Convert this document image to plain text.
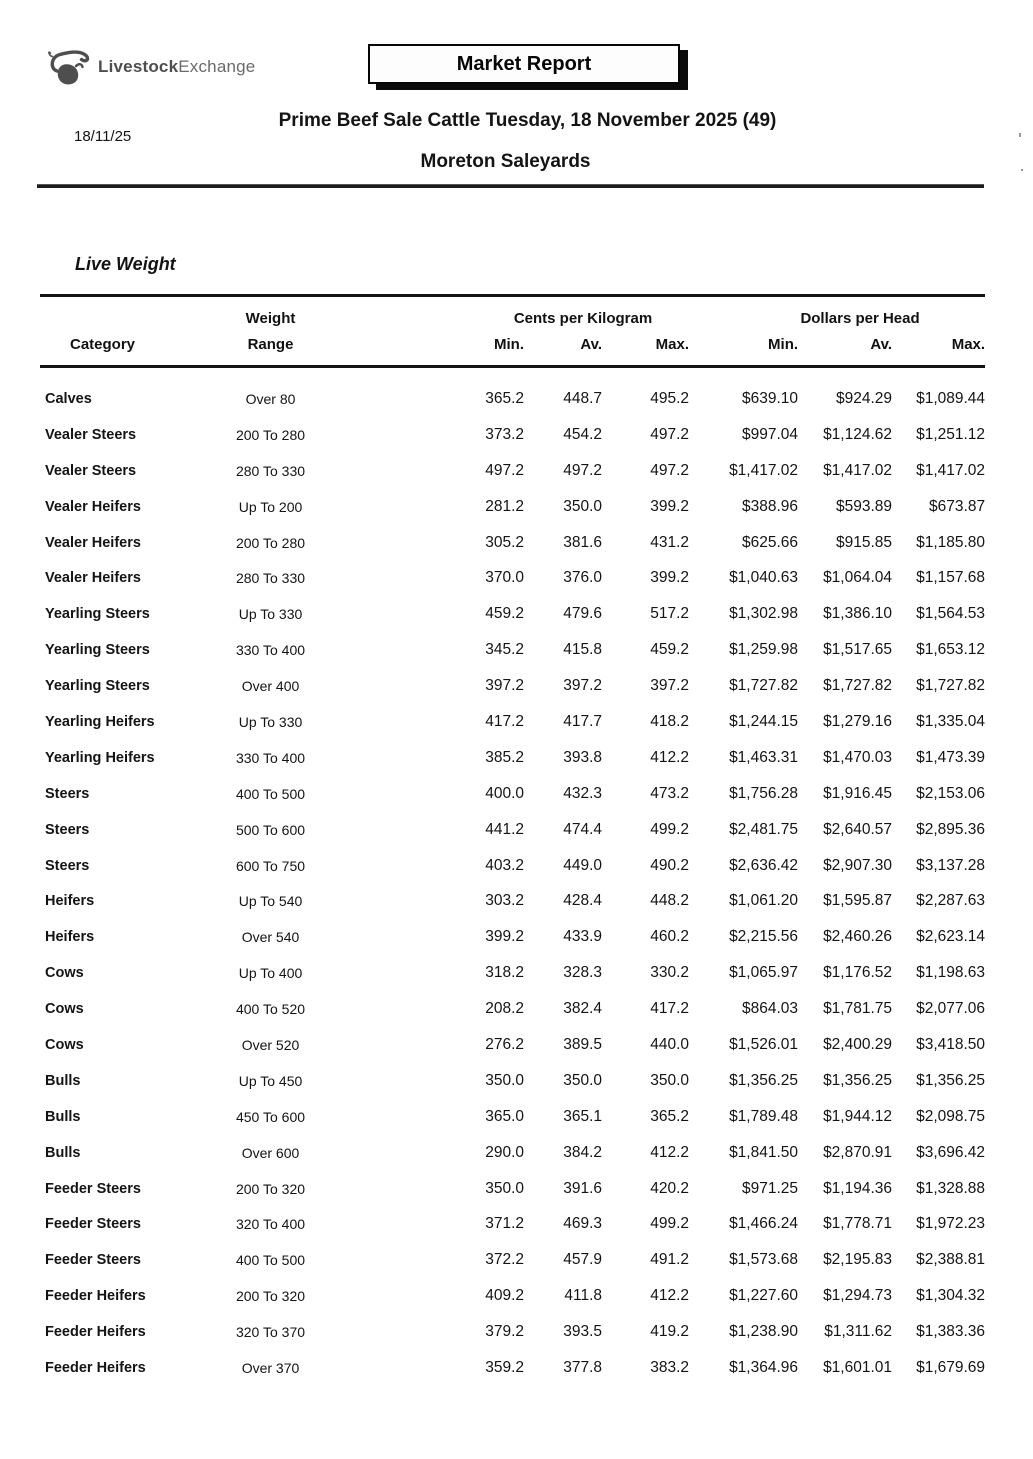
LivestockExchange	Market Report
18/11/25
Prime Beef Sale Cattle Tuesday, 18 November 2025 (49)
Moreton Saleyards
Live Weight
	Weight	Cents per Kilogram			Dollars per Head		
Category	Range	Min.	Av.	Max.	Min.	Av.	Max.
Calves	Over 80	365.2	448.7	495.2	$639.10	$924.29	$1,089.44
Vealer Steers	200 To 280	373.2	454.2	497.2	$997.04	$1,124.62	$1,251.12
Vealer Steers	280 To 330	497.2	497.2	497.2	$1,417.02	$1,417.02	$1,417.02
Vealer Heifers	Up To 200	281.2	350.0	399.2	$388.96	$593.89	$673.87
Vealer Heifers	200 To 280	305.2	381.6	431.2	$625.66	$915.85	$1,185.80
Vealer Heifers	280 To 330	370.0	376.0	399.2	$1,040.63	$1,064.04	$1,157.68
Yearling Steers	Up To 330	459.2	479.6	517.2	$1,302.98	$1,386.10	$1,564.53
Yearling Steers	330 To 400	345.2	415.8	459.2	$1,259.98	$1,517.65	$1,653.12
Yearling Steers	Over 400	397.2	397.2	397.2	$1,727.82	$1,727.82	$1,727.82
Yearling Heifers	Up To 330	417.2	417.7	418.2	$1,244.15	$1,279.16	$1,335.04
Yearling Heifers	330 To 400	385.2	393.8	412.2	$1,463.31	$1,470.03	$1,473.39
Steers	400 To 500	400.0	432.3	473.2	$1,756.28	$1,916.45	$2,153.06
Steers	500 To 600	441.2	474.4	499.2	$2,481.75	$2,640.57	$2,895.36
Steers	600 To 750	403.2	449.0	490.2	$2,636.42	$2,907.30	$3,137.28
Heifers	Up To 540	303.2	428.4	448.2	$1,061.20	$1,595.87	$2,287.63
Heifers	Over 540	399.2	433.9	460.2	$2,215.56	$2,460.26	$2,623.14
Cows	Up To 400	318.2	328.3	330.2	$1,065.97	$1,176.52	$1,198.63
Cows	400 To 520	208.2	382.4	417.2	$864.03	$1,781.75	$2,077.06
Cows	Over 520	276.2	389.5	440.0	$1,526.01	$2,400.29	$3,418.50
Bulls	Up To 450	350.0	350.0	350.0	$1,356.25	$1,356.25	$1,356.25
Bulls	450 To 600	365.0	365.1	365.2	$1,789.48	$1,944.12	$2,098.75
Bulls	Over 600	290.0	384.2	412.2	$1,841.50	$2,870.91	$3,696.42
Feeder Steers	200 To 320	350.0	391.6	420.2	$971.25	$1,194.36	$1,328.88
Feeder Steers	320 To 400	371.2	469.3	499.2	$1,466.24	$1,778.71	$1,972.23
Feeder Steers	400 To 500	372.2	457.9	491.2	$1,573.68	$2,195.83	$2,388.81
Feeder Heifers	200 To 320	409.2	411.8	412.2	$1,227.60	$1,294.73	$1,304.32
Feeder Heifers	320 To 370	379.2	393.5	419.2	$1,238.90	$1,311.62	$1,383.36
Feeder Heifers	Over 370	359.2	377.8	383.2	$1,364.96	$1,601.01	$1,679.69
